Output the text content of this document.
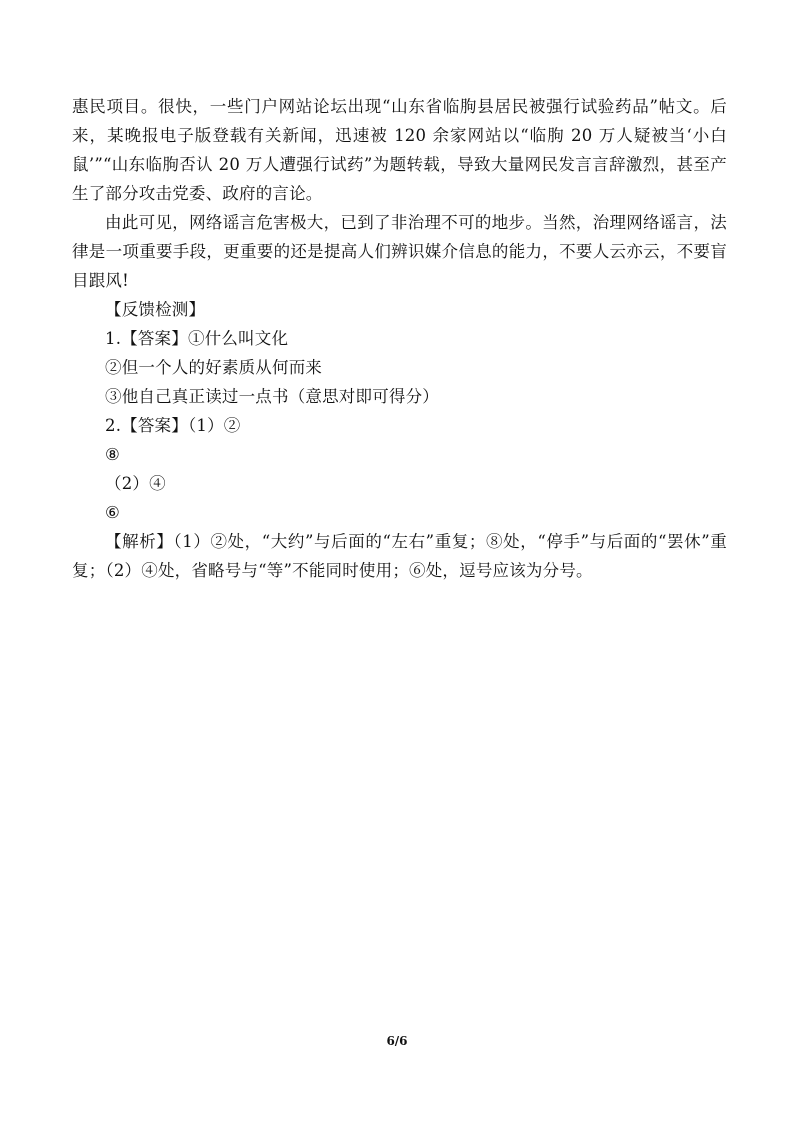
惠民项目。很快，一些门户网站论坛出现“山东省临朐县居民被强行试验药品”帖文。后来，某晚报电子版登载有关新闻，迅速被 120 余家网站以“临朐 20 万人疑被当‘小白鼠’”“山东临朐否认 20 万人遭强行试药”为题转载，导致大量网民发言言辞激烈，甚至产生了部分攻击党委、政府的言论。

由此可见，网络谣言危害极大，已到了非治理不可的地步。当然，治理网络谣言，法律是一项重要手段，更重要的还是提高人们辨识媒介信息的能力，不要人云亦云，不要盲目跟风!

【反馈检测】

1.【答案】①什么叫文化

②但一个人的好素质从何而来

③他自己真正读过一点书（意思对即可得分）

2.【答案】（1）②

⑧

（2）④

⑥

【解析】（1）②处，“大约”与后面的“左右”重复；⑧处，“停手”与后面的“罢休”重复；（2）④处，省略号与“等”不能同时使用；⑥处，逗号应该为分号。

6/6
